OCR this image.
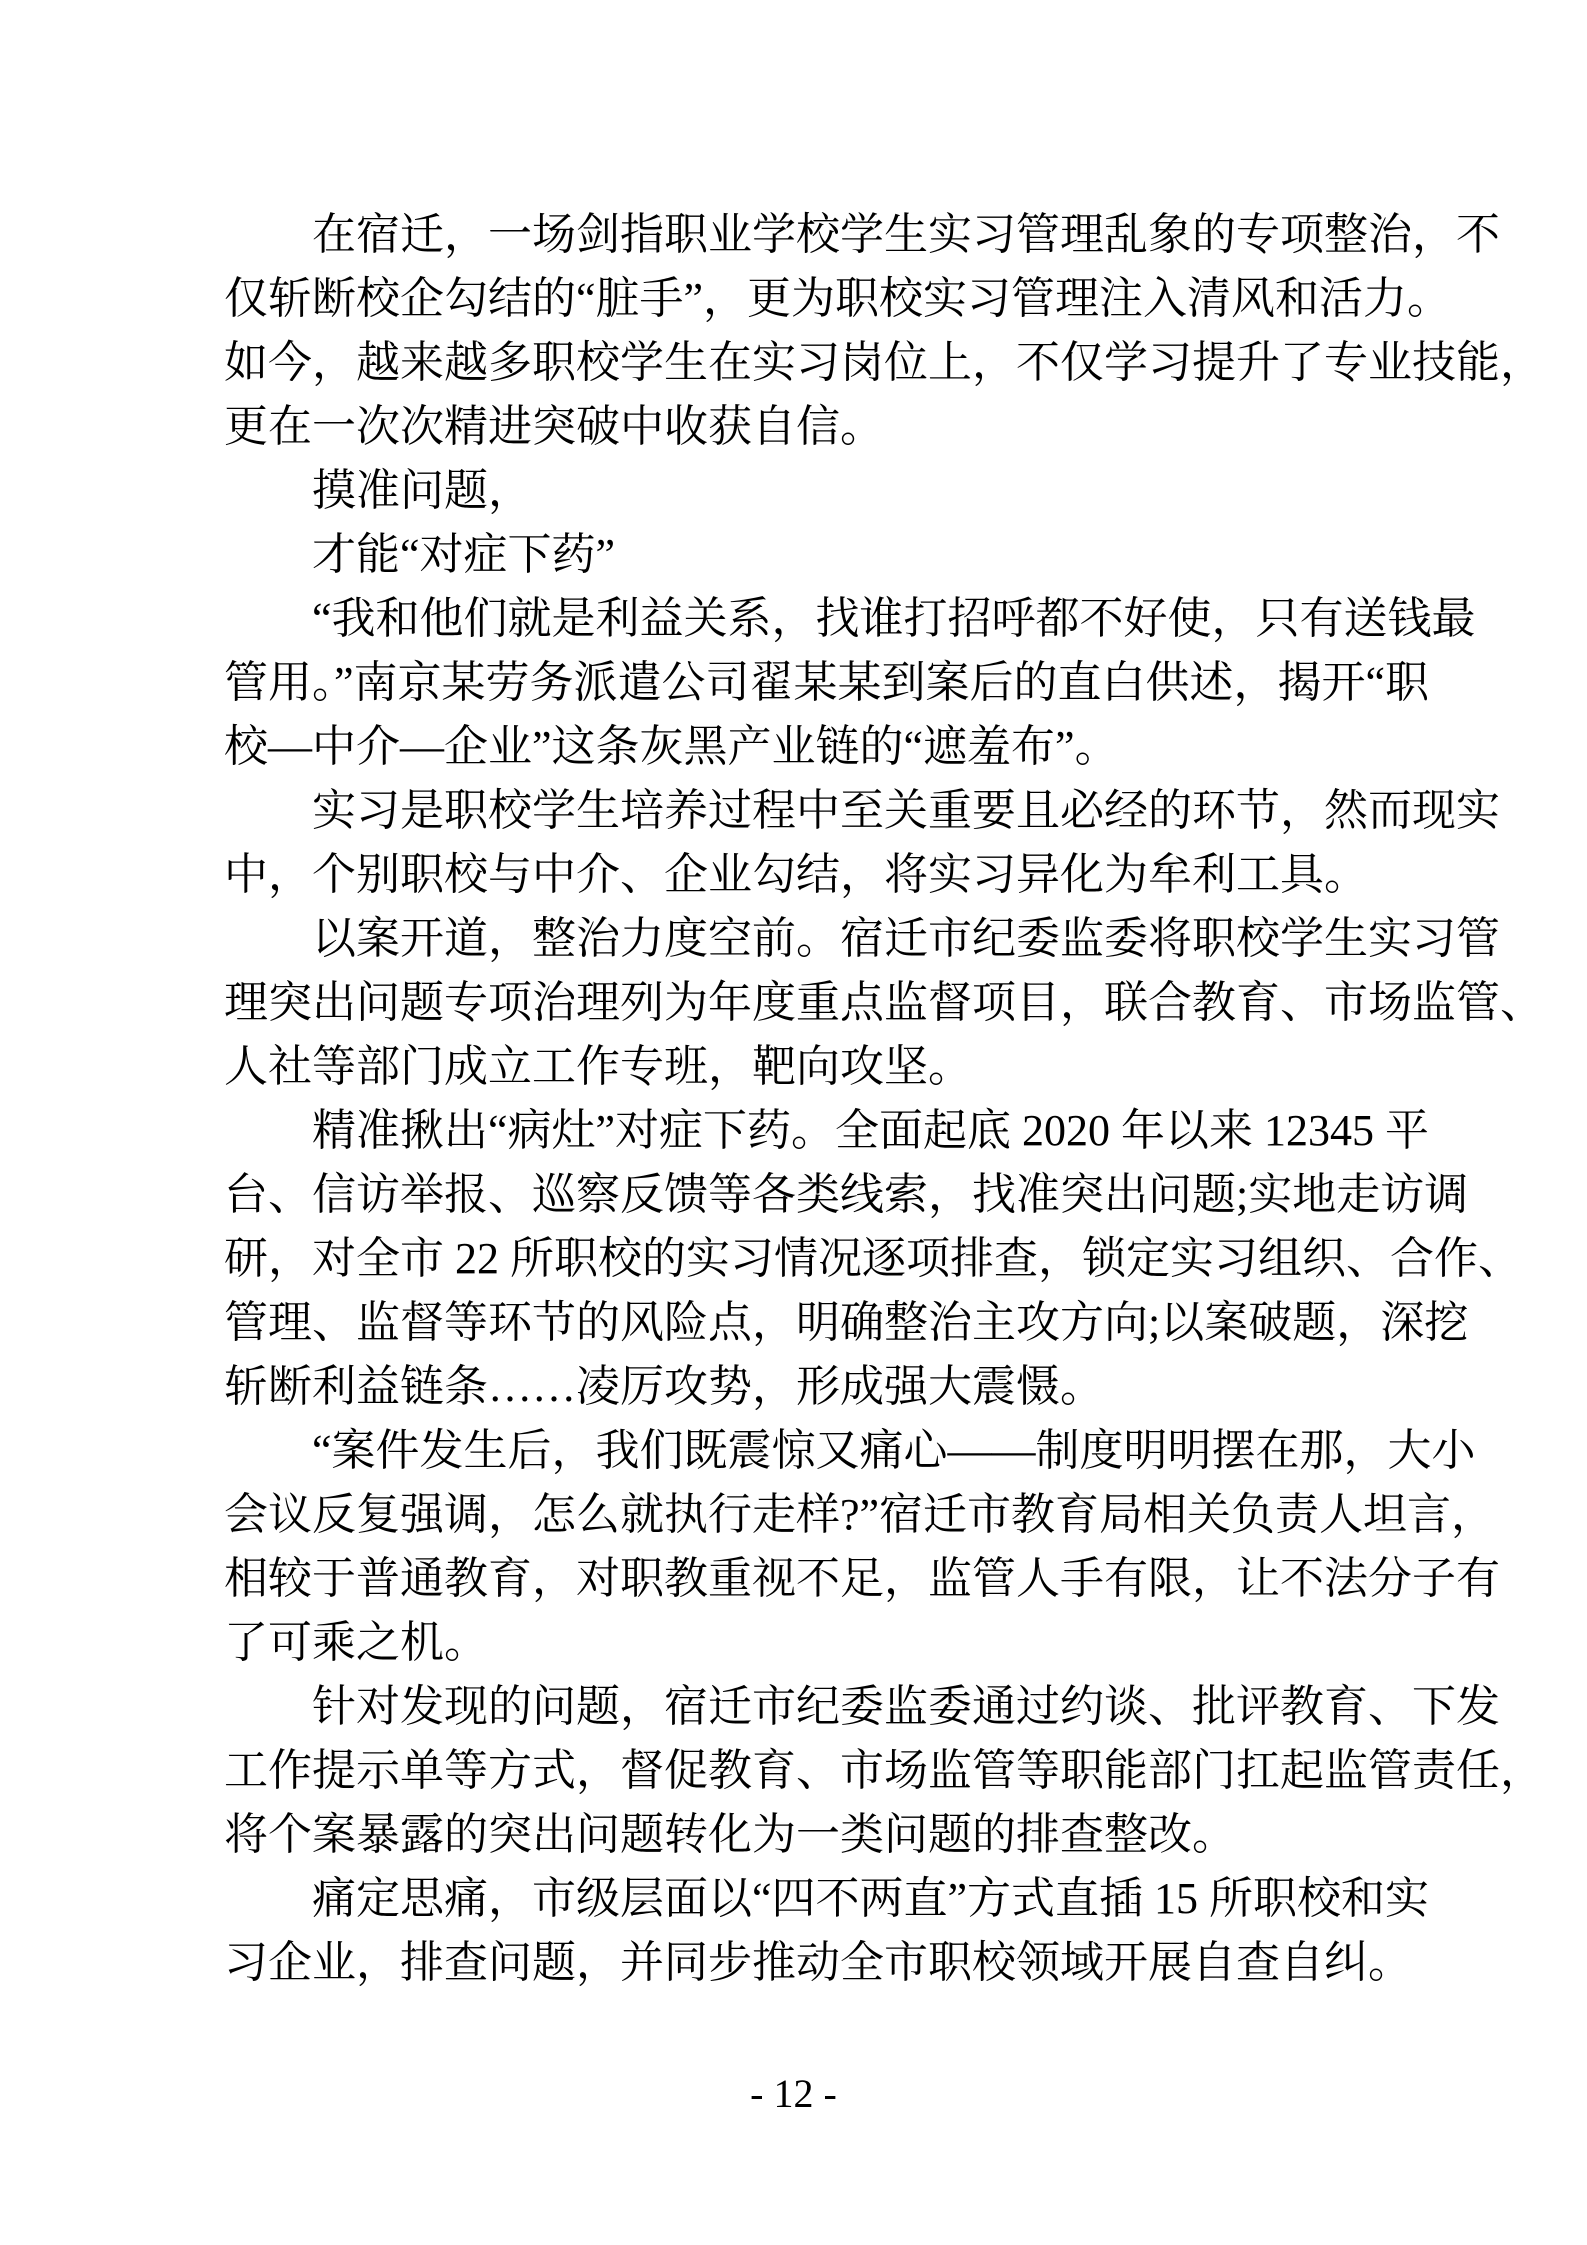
在宿迁，一场剑指职业学校学生实习管理乱象的专项整治，不
仅斩断校企勾结的“脏手”，更为职校实习管理注入清风和活力。
如今，越来越多职校学生在实习岗位上，不仅学习提升了专业技能，
更在一次次精进突破中收获自信。
摸准问题，
才能“对症下药”
“我和他们就是利益关系，找谁打招呼都不好使，只有送钱最
管用。”南京某劳务派遣公司翟某某到案后的直白供述，揭开“职
校—中介—企业”这条灰黑产业链的“遮羞布”。
实习是职校学生培养过程中至关重要且必经的环节，然而现实
中，个别职校与中介、企业勾结，将实习异化为牟利工具。
以案开道，整治力度空前。宿迁市纪委监委将职校学生实习管
理突出问题专项治理列为年度重点监督项目，联合教育、市场监管、
人社等部门成立工作专班，靶向攻坚。
精准揪出“病灶”对症下药。全面起底 2020 年以来 12345 平
台、信访举报、巡察反馈等各类线索，找准突出问题;实地走访调
研，对全市 22 所职校的实习情况逐项排查，锁定实习组织、合作、
管理、监督等环节的风险点，明确整治主攻方向;以案破题，深挖
斩断利益链条……凌厉攻势，形成强大震慑。
“案件发生后，我们既震惊又痛心——制度明明摆在那，大小
会议反复强调，怎么就执行走样?”宿迁市教育局相关负责人坦言，
相较于普通教育，对职教重视不足，监管人手有限，让不法分子有
了可乘之机。
针对发现的问题，宿迁市纪委监委通过约谈、批评教育、下发
工作提示单等方式，督促教育、市场监管等职能部门扛起监管责任，
将个案暴露的突出问题转化为一类问题的排查整改。
痛定思痛，市级层面以“四不两直”方式直插 15 所职校和实
习企业，排查问题，并同步推动全市职校领域开展自查自纠。
- 12 -
